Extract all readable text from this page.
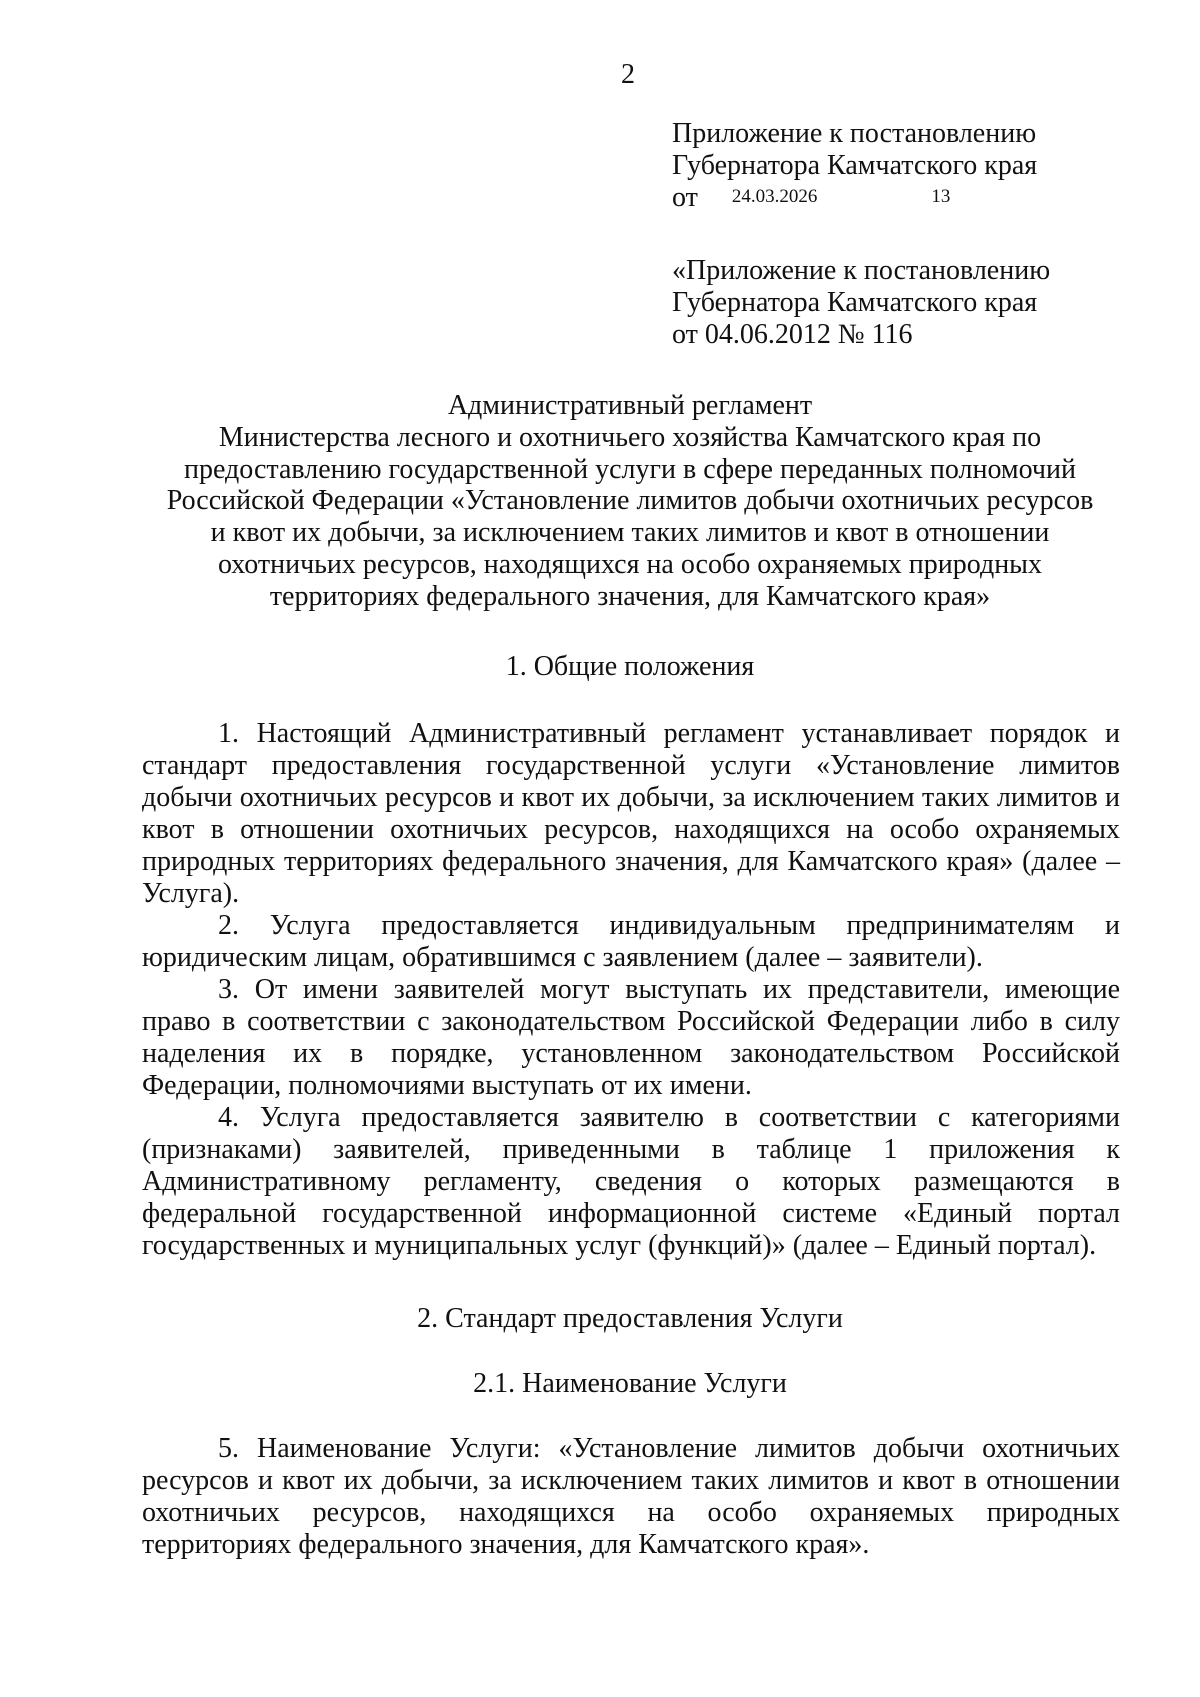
2
Приложение к постановлению
Губернатора Камчатского края
от 24.03.2026	13
«Приложение к постановлению
Губернатора Камчатского края
от 04.06.2012 № 116
Административный регламент
Министерства лесного и охотничьего хозяйства Камчатского края по
предоставлению государственной услуги в сфере переданных полномочий
Российской Федерации «Установление лимитов добычи охотничьих ресурсов
и квот их добычи, за исключением таких лимитов и квот в отношении
охотничьих ресурсов, находящихся на особо охраняемых природных
территориях федерального значения, для Камчатского края»
1. Общие положения

1. Настоящий Административный регламент устанавливает порядок и стандарт предоставления государственной услуги «Установление лимитов добычи охотничьих ресурсов и квот их добычи, за исключением таких лимитов и квот в отношении охотничьих ресурсов, находящихся на особо охраняемых природных территориях федерального значения, для Камчатского края» (далее – Услуга).

2. Услуга предоставляется индивидуальным предпринимателям и юридическим лицам, обратившимся с заявлением (далее – заявители).

3. От имени заявителей могут выступать их представители, имеющие право в соответствии с законодательством Российской Федерации либо в силу наделения их в порядке, установленном законодательством Российской Федерации, полномочиями выступать от их имени.

4. Услуга предоставляется заявителю в соответствии с категориями (признаками) заявителей, приведенными в таблице 1 приложения к Административному регламенту, сведения о которых размещаются в федеральной государственной информационной системе «Единый портал государственных и муниципальных услуг (функций)» (далее – Единый портал).

2. Стандарт предоставления Услуги
2.1. Наименование Услуги

5. Наименование Услуги: «Установление лимитов добычи охотничьих ресурсов и квот их добычи, за исключением таких лимитов и квот в отношении охотничьих ресурсов, находящихся на особо охраняемых природных территориях федерального значения, для Камчатского края».
